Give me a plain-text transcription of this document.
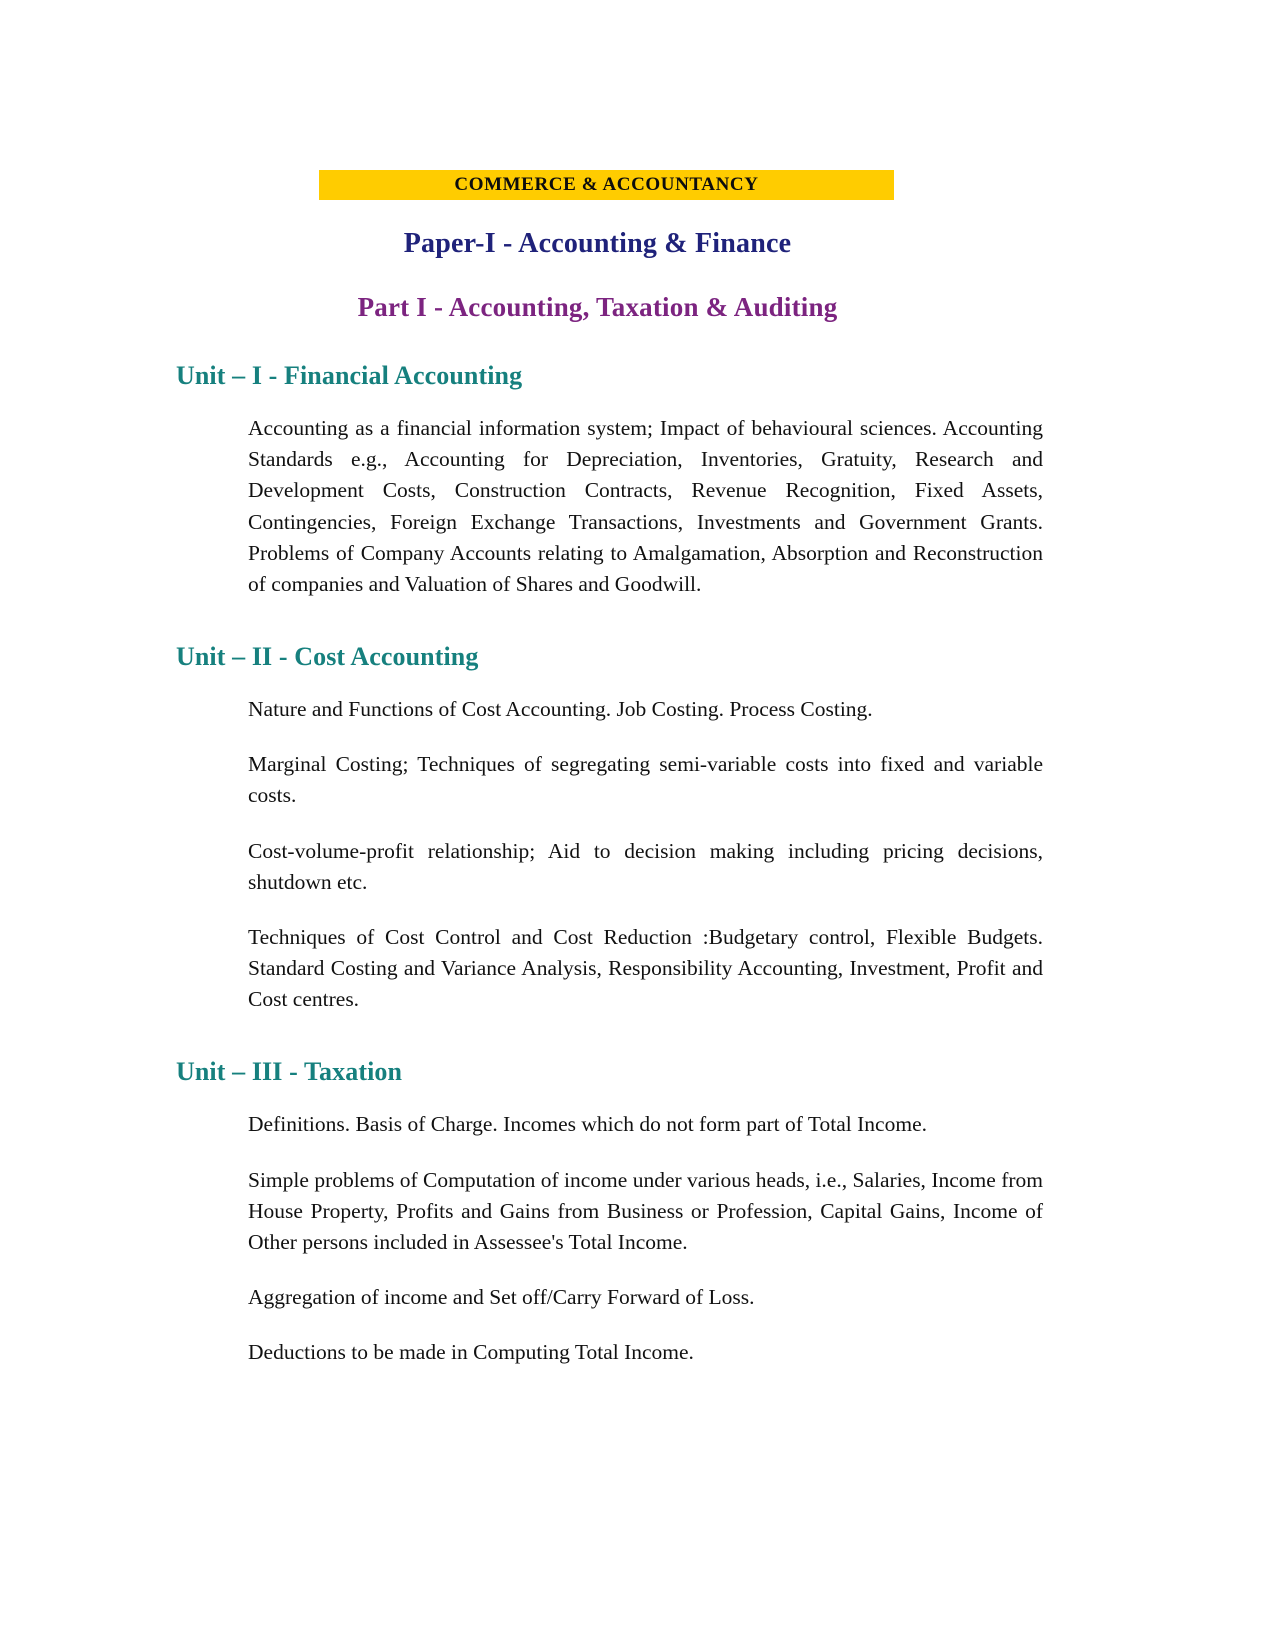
COMMERCE & ACCOUNTANCY
Paper-I - Accounting & Finance
Part I - Accounting, Taxation & Auditing
Unit – I - Financial Accounting

Accounting as a financial information system; Impact of behavioural sciences. Accounting Standards e.g., Accounting for Depreciation, Inventories, Gratuity, Research and Development Costs, Construction Contracts, Revenue Recognition, Fixed Assets, Contingencies, Foreign Exchange Transactions, Investments and Government Grants. Problems of Company Accounts relating to Amalgamation, Absorption and Reconstruction of companies and Valuation of Shares and Goodwill.

Unit – II - Cost Accounting

Nature and Functions of Cost Accounting. Job Costing. Process Costing.

Marginal Costing; Techniques of segregating semi-variable costs into fixed and variable costs.

Cost-volume-profit relationship; Aid to decision making including pricing decisions, shutdown etc.

Techniques of Cost Control and Cost Reduction :Budgetary control, Flexible Budgets. Standard Costing and Variance Analysis, Responsibility Accounting, Investment, Profit and Cost centres.

Unit – III - Taxation

Definitions. Basis of Charge. Incomes which do not form part of Total Income.

Simple problems of Computation of income under various heads, i.e., Salaries, Income from House Property, Profits and Gains from Business or Profession, Capital Gains, Income of Other persons included in Assessee's Total Income.

Aggregation of income and Set off/Carry Forward of Loss.

Deductions to be made in Computing Total Income.
